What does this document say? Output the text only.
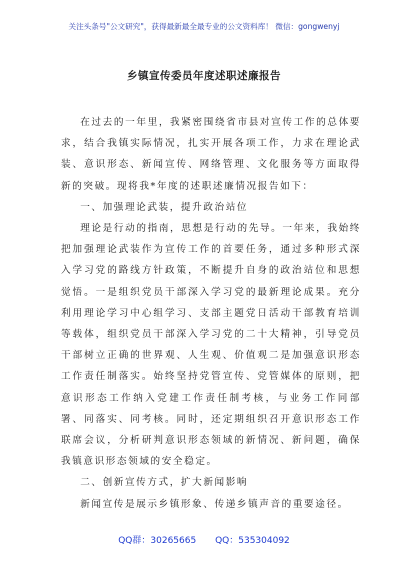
关注头条号"公文研究"，获得最新最全最专业的公文资料库！ 微信：gongwenyj
乡镇宣传委员年度述职述廉报告

在过去的一年里，我紧密围绕省市县对宣传工作的总体要求，结合我镇实际情况，扎实开展各项工作，力求在理论武装、意识形态、新闻宣传、网络管理、文化服务等方面取得新的突破。现将我*年度的述职述廉情况报告如下：

一、加强理论武装，提升政治站位

理论是行动的指南，思想是行动的先导。一年来，我始终把加强理论武装作为宣传工作的首要任务，通过多种形式深入学习党的路线方针政策，不断提升自身的政治站位和思想觉悟。一是组织党员干部深入学习党的最新理论成果。充分利用理论学习中心组学习、支部主题党日活动干部教育培训等载体，组织党员干部深入学习党的二十大精神，引导党员干部树立正确的世界观、人生观、价值观二是加强意识形态工作责任制落实。始终坚持党管宣传、党管媒体的原则，把意识形态工作纳入党建工作责任制考核，与业务工作同部署、同落实、同考核。同时，还定期组织召开意识形态工作联席会议，分析研判意识形态领域的新情况、新问题，确保我镇意识形态领域的安全稳定。

二、创新宣传方式，扩大新闻影响

新闻宣传是展示乡镇形象、传递乡镇声音的重要途径。

QQ群：30265665 QQ：535304092
